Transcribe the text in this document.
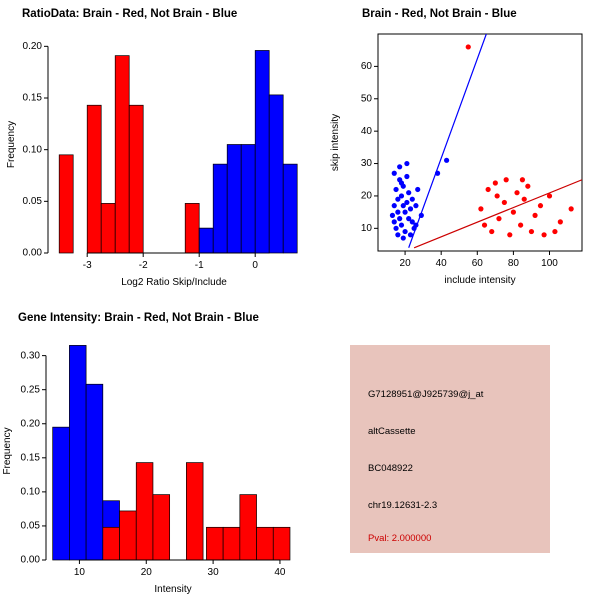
RatioData: Brain - Red, Not Brain - Blue
0.00
0.05
0.10
0.15
0.20
-3	-2	-1	0
Log2 Ratio Skip/Include
Frequency
Brain - Red, Not Brain - Blue
10
20
30
40
50
60
20 40 60 80 100
include intensity
skip intensity
Gene Intensity: Brain - Red, Not Brain - Blue
0.00
0.05
0.10
0.15
0.20
0.25
0.30
10	20	30	40
Intensity
Frequency
G7128951@J925739@j_at
altCassette
BC048922
chr19.12631-2.3
Pval: 2.000000
